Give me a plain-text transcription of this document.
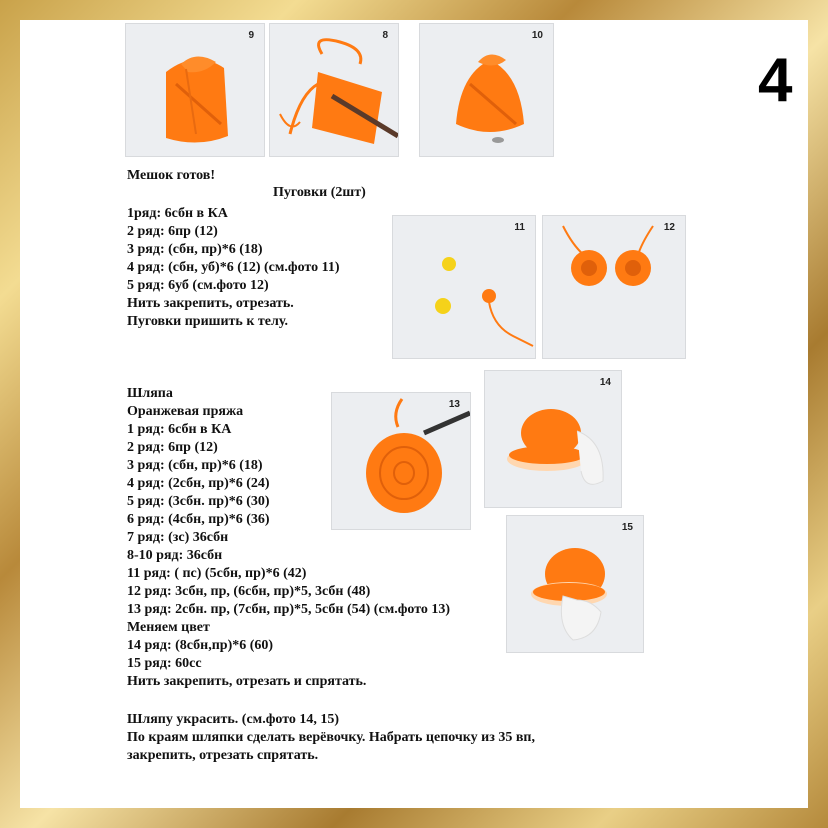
4
9	8	10
11	12
13
14
15
Мешок готов!
Пуговки (2шт)
1ряд: 6сбн в КА
2 ряд: 6пр (12)
3 ряд: (сбн, пр)*6 (18)
4 ряд: (сбн, уб)*6 (12) (см.фото 11)
5 ряд: 6уб (см.фото 12)
Нить закрепить, отрезать.
Пуговки пришить к телу.
Шляпа
Оранжевая пряжа
1 ряд: 6сбн в КА
2 ряд: 6пр (12)
3 ряд: (сбн, пр)*6 (18)
4 ряд: (2сбн, пр)*6 (24)
5 ряд: (3сбн. пр)*6 (30)
6 ряд: (4сбн, пр)*6 (36)
7 ряд: (зс) 36сбн
8-10 ряд: 36сбн
11 ряд: ( пс) (5сбн, пр)*6 (42)
12 ряд: 3сбн, пр, (6сбн, пр)*5, 3сбн (48)
13 ряд: 2сбн. пр, (7сбн, пр)*5, 5сбн (54) (см.фото 13)
Меняем цвет
14 ряд: (8сбн,пр)*6 (60)
15 ряд: 60сс
Нить закрепить, отрезать и спрятать.
Шляпу украсить. (см.фото 14, 15)
По краям шляпки сделать верёвочку. Набрать цепочку из 35 вп,
закрепить, отрезать спрятать.
